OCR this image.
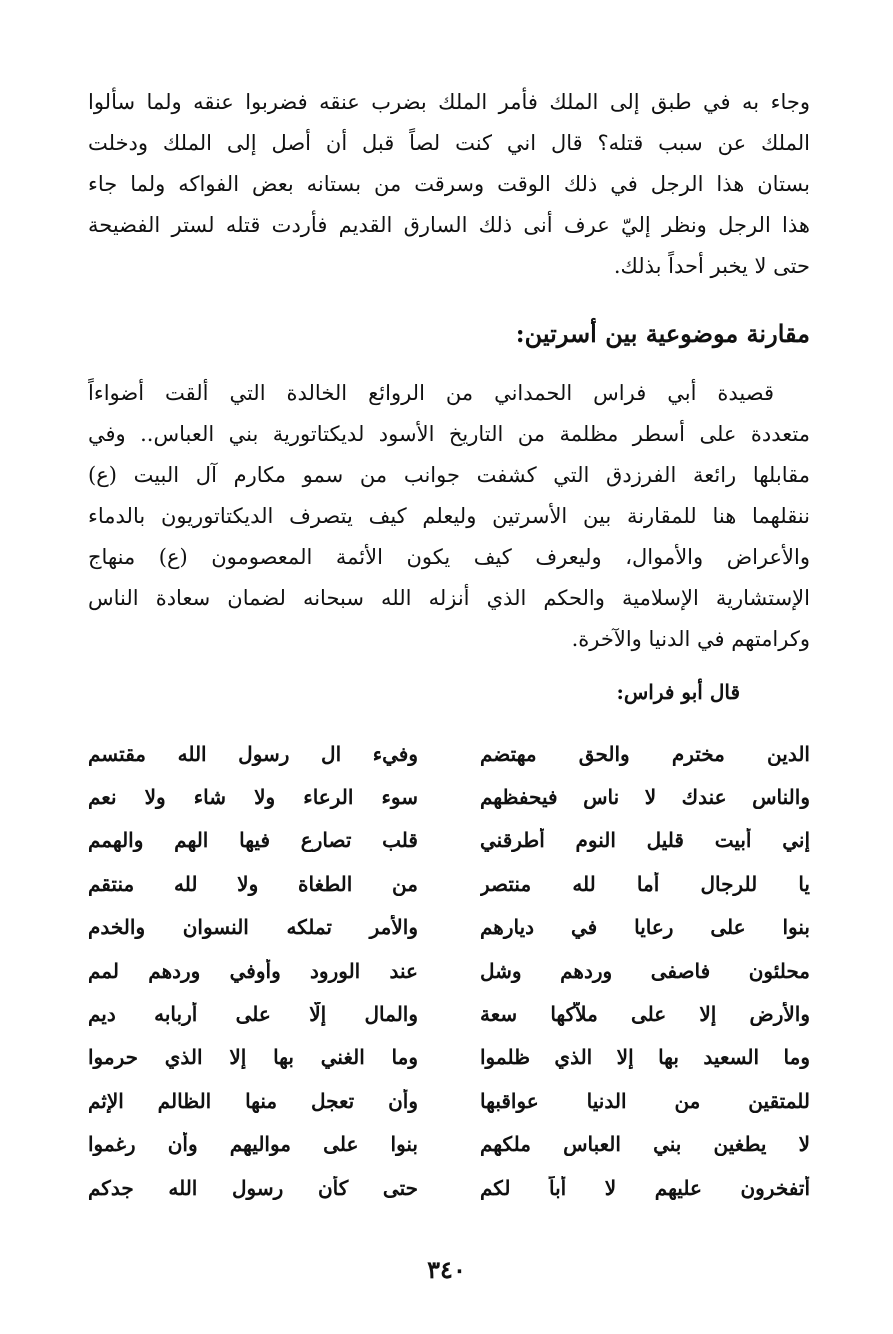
وجاء به في طبق إلى الملك فأمر الملك بضرب عنقه فضربوا عنقه ولما سألوا
الملك عن سبب قتله؟ قال اني كنت لصاً قبل أن أصل إلى الملك ودخلت
بستان هذا الرجل في ذلك الوقت وسرقت من بستانه بعض الفواكه ولما جاء
هذا الرجل ونظر إليّ عرف أنى ذلك السارق القديم فأردت قتله لستر الفضيحة
حتى لا يخبر أحداً بذلك.

مقارنة موضوعية بين أسرتين:

قصيدة أبي فراس الحمداني من الروائع الخالدة التي ألقت أضواءاً
متعددة على أسطر مظلمة من التاريخ الأسود لديكتاتورية بني العباس.. وفي
مقابلها رائعة الفرزدق التي كشفت جوانب من سمو مكارم آل البيت (ع)
ننقلهما هنا للمقارنة بين الأسرتين وليعلم كيف يتصرف الديكتاتوريون بالدماء
والأعراض والأموال، وليعرف كيف يكون الأئمة المعصومون (ع) منهاج
الإستشارية الإسلامية والحكم الذي أنزله الله سبحانه لضمان سعادة الناس
وكرامتهم في الدنيا والآخرة.

قال أبو فراس:
الدين مخترم والحق مهتضم
وفيء ال رسول الله مقتسم
والناس عندك لا ناس فيحفظهم
سوء الرعاء ولا شاء ولا نعم
إني أبيت قليل النوم أطرقني
قلب تصارع فيها الهم والهمم
يا للرجال أما لله منتصر
من الطغاة ولا لله منتقم
بنوا على رعايا في ديارهم
والأمر تملكه النسوان والخدم
محلئون فاصفى وردهم وشل
عند الورود وأوفي وردهم لمم
والأرض إلا على ملاّكها سعة
والمال إلّا على أربابه ديم
وما السعيد بها إلا الذي ظلموا
وما الغني بها إلا الذي حرموا
للمتقين من الدنيا عواقبها
وأن تعجل منها الظالم الإثم
لا يطغين بني العباس ملكهم
بنوا على مواليهم وأن رغموا
أتفخرون عليهم لا أباً لكم
حتى كأن رسول الله جدكم
٣٤٠
